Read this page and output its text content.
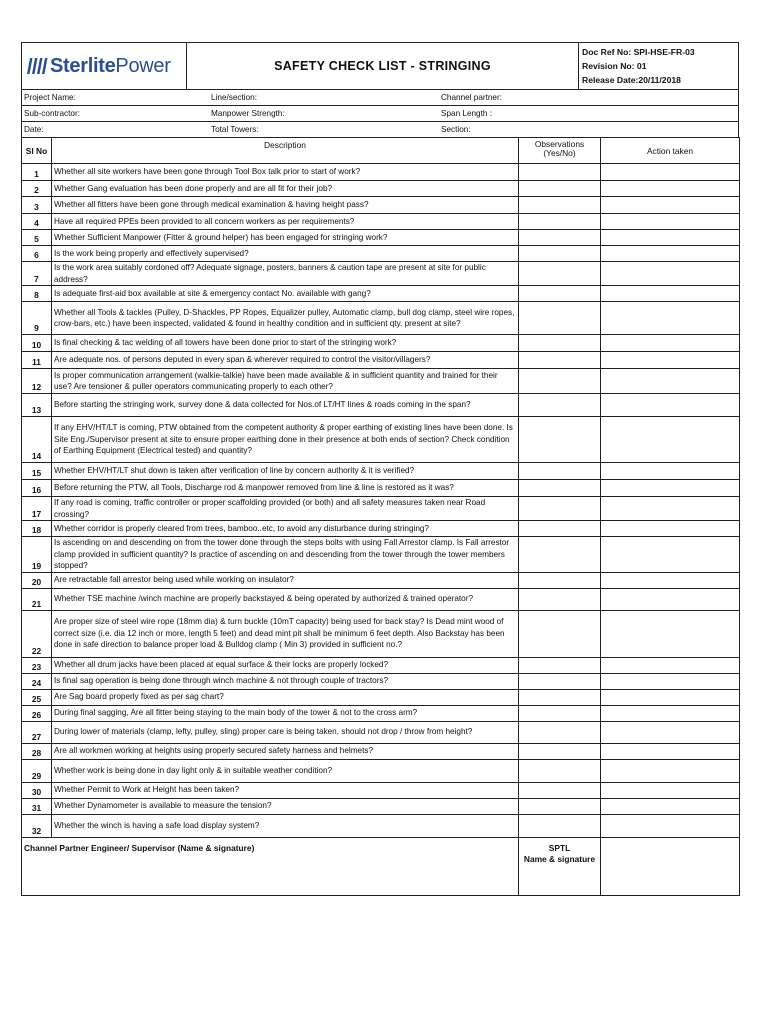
SterlitePower	SAFETY CHECK LIST - STRINGING
Doc Ref No: SPI-HSE-FR-03
Revision No: 01
Release Date:20/11/2018
Project Name:	Line/section:	Channel partner:
Sub-contractor:	Manpower Strength:	Span Length :
Date:	Total Towers:	Section:
Sl No	Description	Observations (Yes/No)	Action taken
1	Whether all site workers have been gone through Tool Box talk prior to start of work?		
2	Whether Gang evaluation has been done properly and are all fit for their job?		
3	Whether all fitters have been gone through medical examination & having height pass?		
4	Have all required PPEs been provided to all concern workers as per requirements?		
5	Whether Sufficient Manpower (Fitter & ground helper) has been engaged for stringing work?		
6	Is the work being properly and effectively supervised?		
7	Is the work area suitably cordoned off? Adequate signage, posters, banners & caution tape are present at site for public address?		
8	Is adequate first-aid box available at site & emergency contact No. available with gang?		
9	Whether all Tools & tackles (Pulley, D-Shackles, PP Ropes, Equalizer pulley, Automatic clamp, bull dog clamp, steel wire ropes, crow-bars, etc.) have been inspected, validated & found in healthy condition and in sufficient qty. present at site?		
10	Is final checking & tac welding of all towers have been done prior to start of the stringing work?		
11	Are adequate nos. of persons deputed in every span & wherever required to control the visitor/villagers?		
12	Is proper communication arrangement (walkie-talkie) have been made available & in sufficient quantity and trained for their use? Are tensioner & puller operators communicating properly to each other?		
13	Before starting the stringing work, survey done & data collected for Nos.of LT/HT lines & roads coming in the span?		
14	If any EHV/HT/LT is coming, PTW obtained from the competent authority & proper earthing of existing lines have been done. Is Site Eng./Supervisor present at site to ensure proper earthing done in their presence at both ends of section? Check condition of Earthing Equipment (Electrical tested) and quantity?		
15	Whether EHV/HT/LT shut down is taken after verification of line by concern authority & it is verified?		
16	Before returning the PTW, all Tools, Discharge rod & manpower removed from line & line is restored as it was?		
17	If any road is coming, traffic controller or proper scaffolding provided (or both) and all safety measures taken near Road crossing?		
18	Whether corridor is properly cleared from trees, bamboo..etc, to avoid any disturbance during stringing?		
19	Is ascending on and descending on from the tower done through the steps bolts with using Fall Arrestor clamp. Is Fall arrestor clamp provided in sufficient quantity? Is practice of ascending on and descending from the tower through the tower members stopped?		
20	Are retractable fall arrestor being used while working on insulator?		
21	Whether TSE machine /winch machine are properly backstayed & being operated by authorized & trained operator?		
22	Are proper size of steel wire rope (18mm dia) & turn buckle (10mT capacity) being used for back stay? Is Dead mint wood of correct size (i.e. dia 12 inch or more, length 5 feet) and dead mint pit shall be minimum 6 feet depth. Also Backstay has been done in safe direction to balance proper load & Bulldog clamp ( Min 3) provided in sufficient no.?		
23	Whether all drum jacks have been placed at equal surface & their locks are properly locked?		
24	Is final sag operation is being done through winch machine & not through couple of tractors?		
25	Are Sag board properly fixed as per sag chart?		
26	During final sagging, Are all fitter being staying to the main body of the tower & not to the cross arm?		
27	During lower of materials (clamp, lefty, pulley, sling) proper care is being taken, should not drop / throw from height?		
28	Are all workmen working at heights using properly secured safety harness and helmets?		
29	Whether work is being done in day light only & in suitable weather condition?		
30	Whether Permit to Work at Height has been taken?		
31	Whether Dynamometer is available to measure the tension?		
32	Whether the winch is having a safe load display system?		
Channel Partner Engineer/ Supervisor (Name & signature)		SPTL
Name & signature	
